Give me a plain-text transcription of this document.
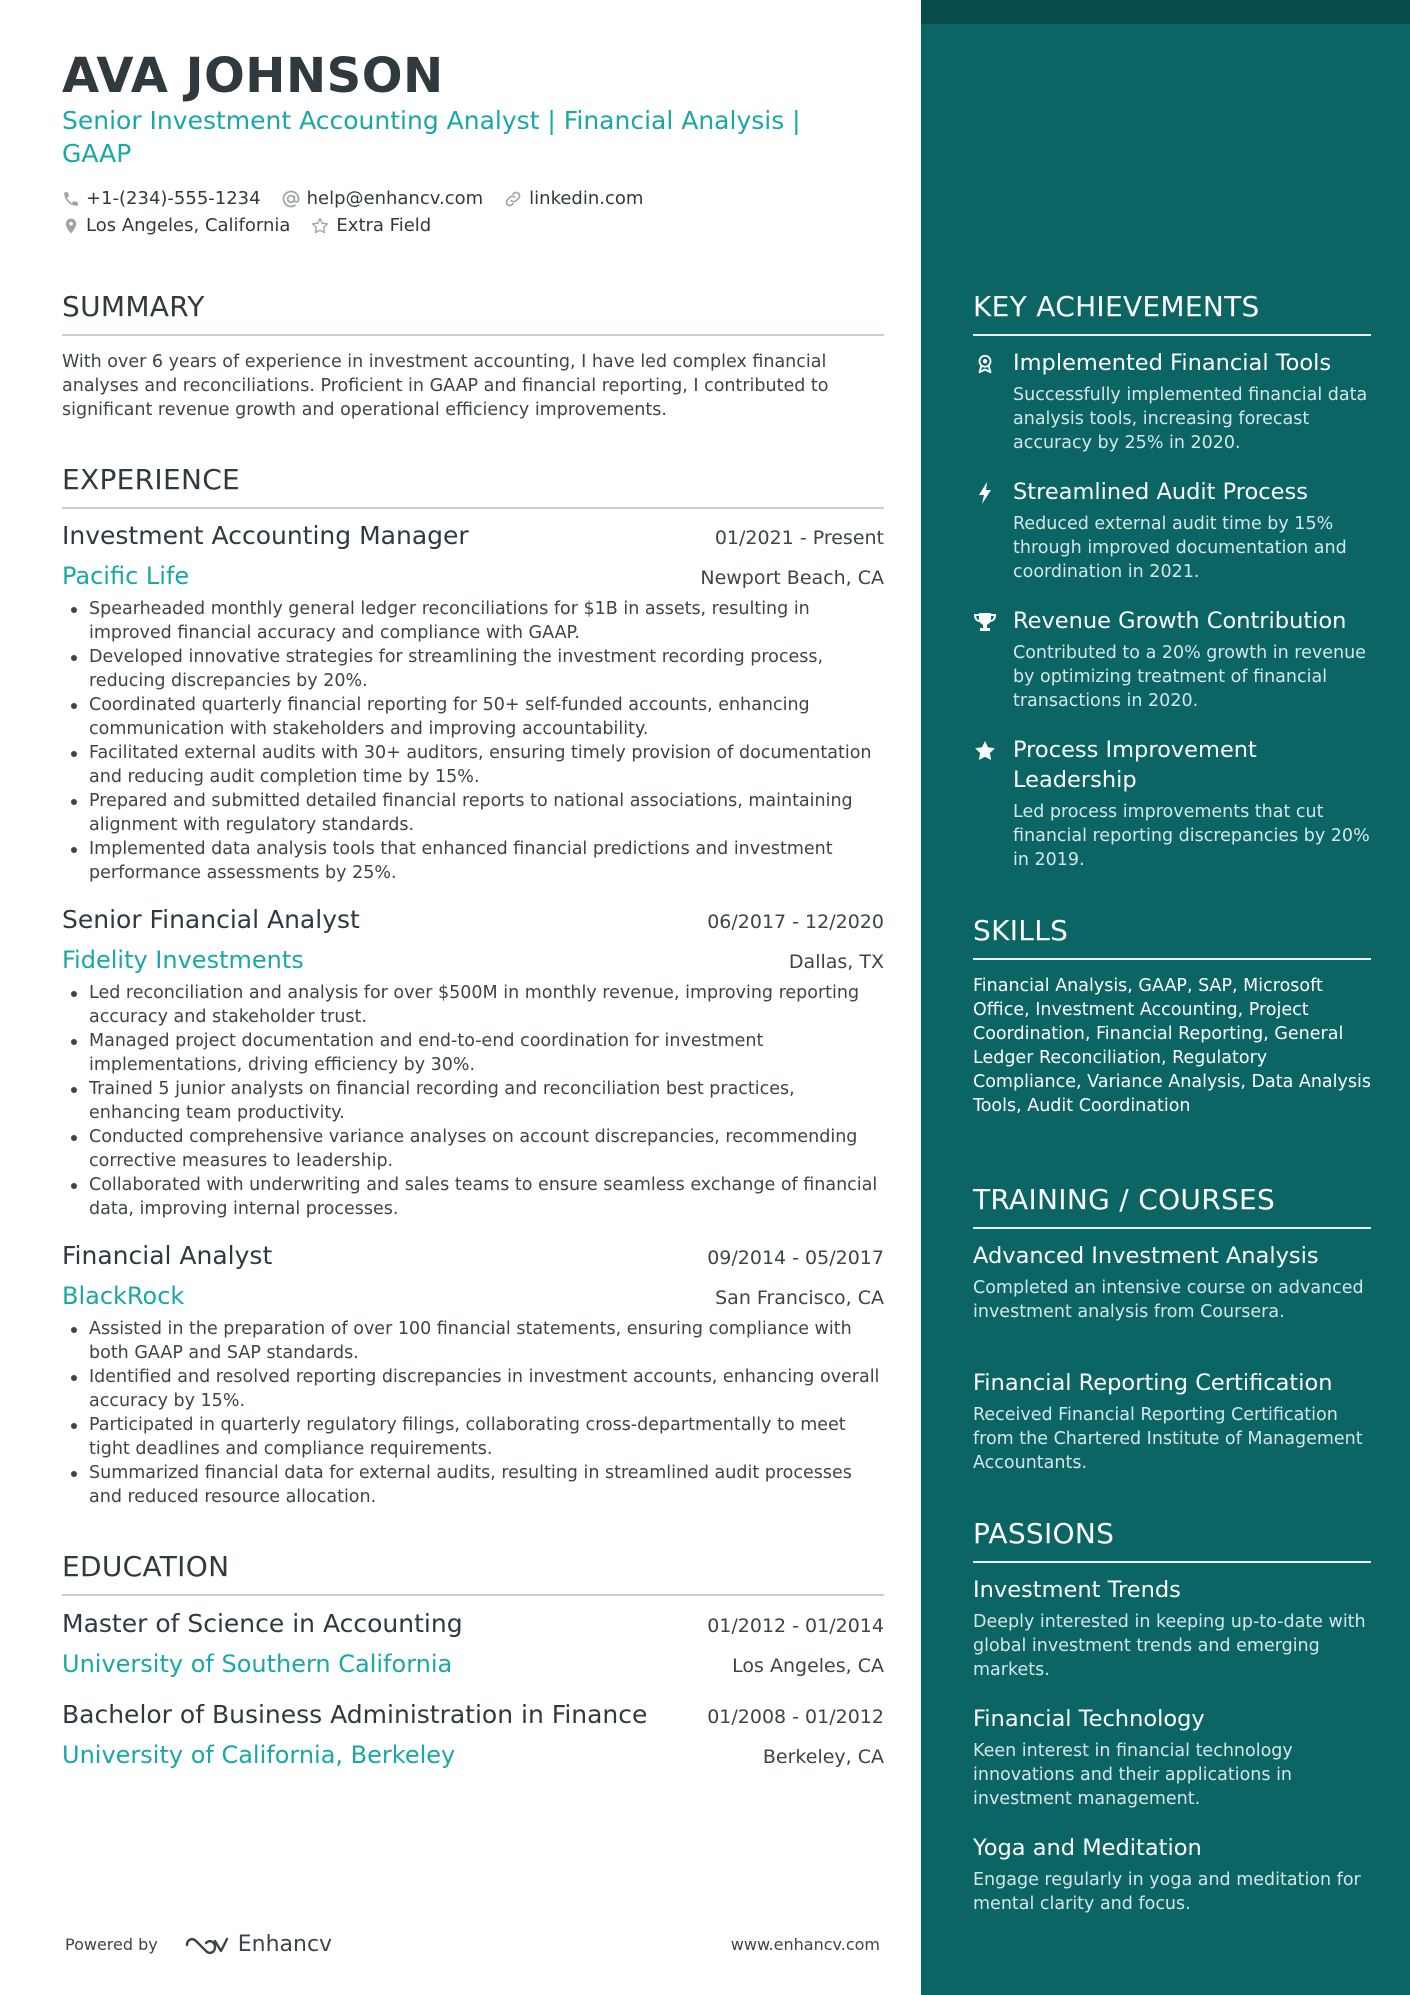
AVA JOHNSON
Senior Investment Accounting Analyst | Financial Analysis | GAAP
+1-(234)-555-1234	help@enhancv.com	linkedin.com
Los Angeles, California	Extra Field
SUMMARY
With over 6 years of experience in investment accounting, I have led complex financial analyses and reconciliations. Proficient in GAAP and financial reporting, I contributed to significant revenue growth and operational efficiency improvements.
EXPERIENCE
Investment Accounting Manager	01/2021 - Present
Pacific Life	Newport Beach, CA
Spearheaded monthly general ledger reconciliations for $1B in assets, resulting in improved financial accuracy and compliance with GAAP.
Developed innovative strategies for streamlining the investment recording process, reducing discrepancies by 20%.
Coordinated quarterly financial reporting for 50+ self-funded accounts, enhancing communication with stakeholders and improving accountability.
Facilitated external audits with 30+ auditors, ensuring timely provision of documentation and reducing audit completion time by 15%.
Prepared and submitted detailed financial reports to national associations, maintaining alignment with regulatory standards.
Implemented data analysis tools that enhanced financial predictions and investment performance assessments by 25%.
Senior Financial Analyst	06/2017 - 12/2020
Fidelity Investments	Dallas, TX
Led reconciliation and analysis for over $500M in monthly revenue, improving reporting accuracy and stakeholder trust.
Managed project documentation and end-to-end coordination for investment implementations, driving efficiency by 30%.
Trained 5 junior analysts on financial recording and reconciliation best practices, enhancing team productivity.
Conducted comprehensive variance analyses on account discrepancies, recommending corrective measures to leadership.
Collaborated with underwriting and sales teams to ensure seamless exchange of financial data, improving internal processes.
Financial Analyst	09/2014 - 05/2017
BlackRock	San Francisco, CA
Assisted in the preparation of over 100 financial statements, ensuring compliance with both GAAP and SAP standards.
Identified and resolved reporting discrepancies in investment accounts, enhancing overall accuracy by 15%.
Participated in quarterly regulatory filings, collaborating cross-departmentally to meet tight deadlines and compliance requirements.
Summarized financial data for external audits, resulting in streamlined audit processes and reduced resource allocation.
EDUCATION
Master of Science in Accounting	01/2012 - 01/2014
University of Southern California	Los Angeles, CA
Bachelor of Business Administration in Finance	01/2008 - 01/2012
University of California, Berkeley	Berkeley, CA
Powered by	Enhancv	www.enhancv.com
KEY ACHIEVEMENTS
Implemented Financial Tools
Successfully implemented financial data analysis tools, increasing forecast accuracy by 25% in 2020.
Streamlined Audit Process
Reduced external audit time by 15% through improved documentation and coordination in 2021.
Revenue Growth Contribution
Contributed to a 20% growth in revenue by optimizing treatment of financial transactions in 2020.
Process Improvement Leadership
Led process improvements that cut financial reporting discrepancies by 20% in 2019.
SKILLS
Financial Analysis, GAAP, SAP, Microsoft Office, Investment Accounting, Project Coordination, Financial Reporting, General Ledger Reconciliation, Regulatory Compliance, Variance Analysis, Data Analysis Tools, Audit Coordination
TRAINING / COURSES
Advanced Investment Analysis
Completed an intensive course on advanced investment analysis from Coursera.
Financial Reporting Certification
Received Financial Reporting Certification from the Chartered Institute of Management Accountants.
PASSIONS
Investment Trends
Deeply interested in keeping up-to-date with global investment trends and emerging markets.
Financial Technology
Keen interest in financial technology innovations and their applications in investment management.
Yoga and Meditation
Engage regularly in yoga and meditation for mental clarity and focus.
